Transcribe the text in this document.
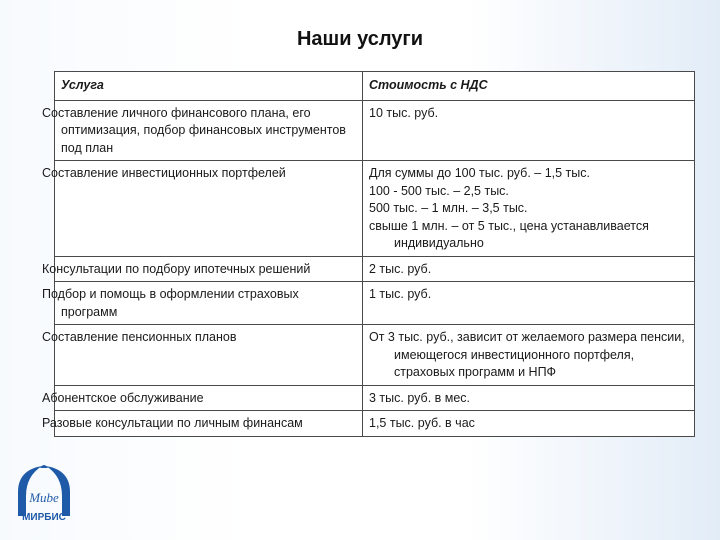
Наши услуги
Услуга	Стоимость с НДС
Составление личного финансового плана, его оптимизация, подбор финансовых инструментов под план	10 тыс. руб.

Составление инвестиционных портфелей	Для суммы до 100 тыс. руб. – 1,5 тыс.
100 - 500 тыс. – 2,5 тыс.
500 тыс. – 1 млн. – 3,5 тыс.
свыше 1 млн. – от 5 тыс., цена устанавливается индивидуально

Консультации по подбору ипотечных решений	2 тыс. руб.

Подбор и помощь в оформлении страховых программ	1 тыс. руб.

Составление пенсионных планов	От 3 тыс. руб., зависит от желаемого размера пенсии, имеющегося инвестиционного портфеля, страховых программ и НПФ
Абонентское обслуживание	3 тыс. руб. в мес.

Разовые консультации по личным финансам	1,5 тыс. руб. в час
Mиbе
МИРБИС
